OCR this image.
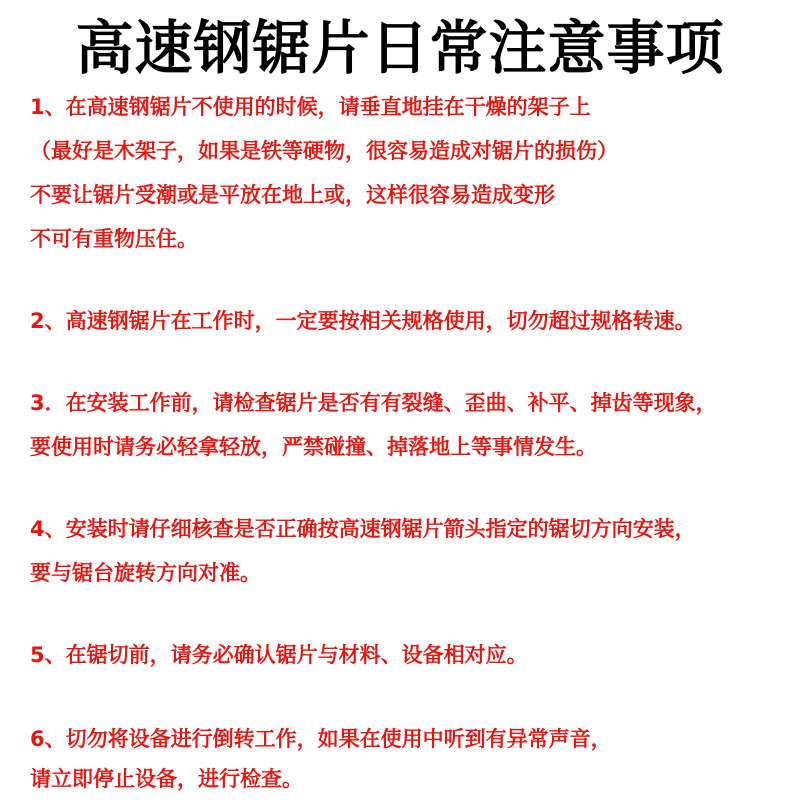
高速钢锯片日常注意事项
1、在高速钢锯片不使用的时候，请垂直地挂在干燥的架子上
（最好是木架子，如果是铁等硬物，很容易造成对锯片的损伤）
不要让锯片受潮或是平放在地上或，这样很容易造成变形
不可有重物压住。
2、高速钢锯片在工作时，一定要按相关规格使用，切勿超过规格转速。
3．在安装工作前，请检查锯片是否有有裂缝、歪曲、补平、掉齿等现象，
要使用时请务必轻拿轻放，严禁碰撞、掉落地上等事情发生。
4、安装时请仔细核查是否正确按高速钢锯片箭头指定的锯切方向安装，
要与锯台旋转方向对准。
5、在锯切前，请务必确认锯片与材料、设备相对应。
6、切勿将设备进行倒转工作，如果在使用中听到有异常声音，
请立即停止设备，进行检查。
